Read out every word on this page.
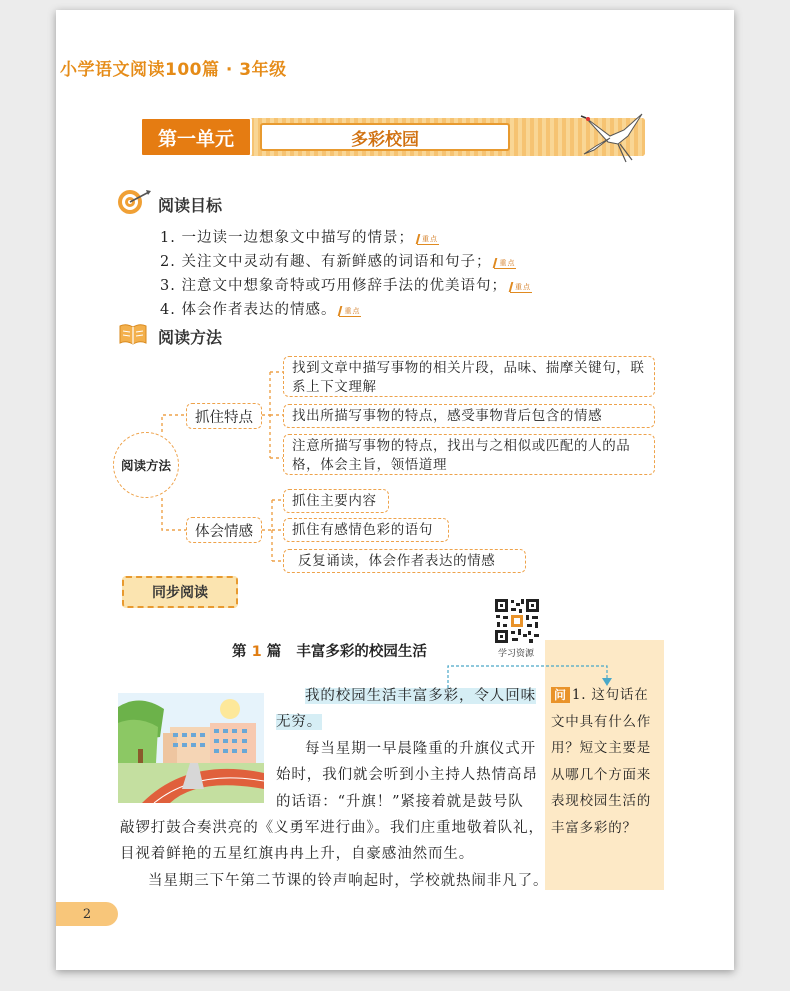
小学语文阅读100篇 · 3年级
第一单元	多彩校园
阅读目标
1. 一边读一边想象文中描写的情景； 重点
2. 关注文中灵动有趣、有新鲜感的词语和句子； 重点
3. 注意文中想象奇特或巧用修辞手法的优美语句； 重点
4. 体会作者表达的情感。 重点
阅读方法
阅读方法
抓住特点
体会情感
找到文章中描写事物的相关片段，品味、揣摩关键句，联系上下文理解
找出所描写事物的特点，感受事物背后包含的情感
注意所描写事物的特点，找出与之相似或匹配的人的品格，体会主旨，领悟道理
抓住主要内容
抓住有感情色彩的语句
反复诵读，体会作者表达的情感
同步阅读
第 1 篇 丰富多彩的校园生活	学习资源
问 1. 这句话在文中具有什么作用？短文主要是从哪几个方面来表现校园生活的丰富多彩的？
我的校园生活丰富多彩，令人回味
无穷。
每当星期一早晨隆重的升旗仪式开
始时，我们就会听到小主持人热情高昂
的话语：“升旗！”紧接着就是鼓号队
敲锣打鼓合奏洪亮的《义勇军进行曲》。我们庄重地敬着队礼，
目视着鲜艳的五星红旗冉冉上升，自豪感油然而生。
当星期三下午第二节课的铃声响起时，学校就热闹非凡了。
2
